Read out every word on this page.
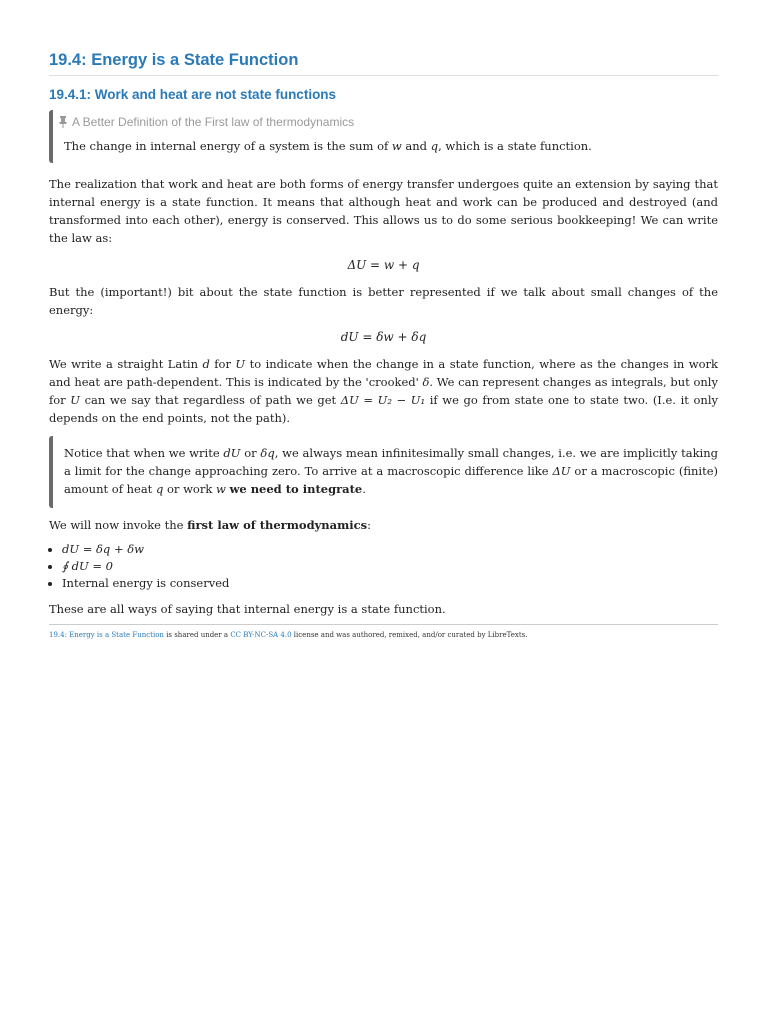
19.4: Energy is a State Function
19.4.1: Work and heat are not state functions
A Better Definition of the First law of thermodynamics
The change in internal energy of a system is the sum of w and q, which is a state function.

The realization that work and heat are both forms of energy transfer undergoes quite an extension by saying that internal energy is a state function. It means that although heat and work can be produced and destroyed (and transformed into each other), energy is conserved. This allows us to do some serious bookkeeping! We can write the law as:

ΔU = w + q

But the (important!) bit about the state function is better represented if we talk about small changes of the energy:

dU = δw + δq

We write a straight Latin d for U to indicate when the change in a state function, where as the changes in work and heat are path-dependent. This is indicated by the 'crooked' δ. We can represent changes as integrals, but only for U can we say that regardless of path we get ΔU = U₂ − U₁ if we go from state one to state two. (I.e. it only depends on the end points, not the path).

Notice that when we write dU or δq, we always mean infinitesimally small changes, i.e. we are implicitly taking a limit for the change approaching zero. To arrive at a macroscopic difference like ΔU or a macroscopic (finite) amount of heat q or work w we need to integrate.

We will now invoke the first law of thermodynamics:

• dU = δq + δw
• ∮ dU = 0
• Internal energy is conserved

These are all ways of saying that internal energy is a state function.

19.4: Energy is a State Function is shared under a CC BY-NC-SA 4.0 license and was authored, remixed, and/or curated by LibreTexts.
